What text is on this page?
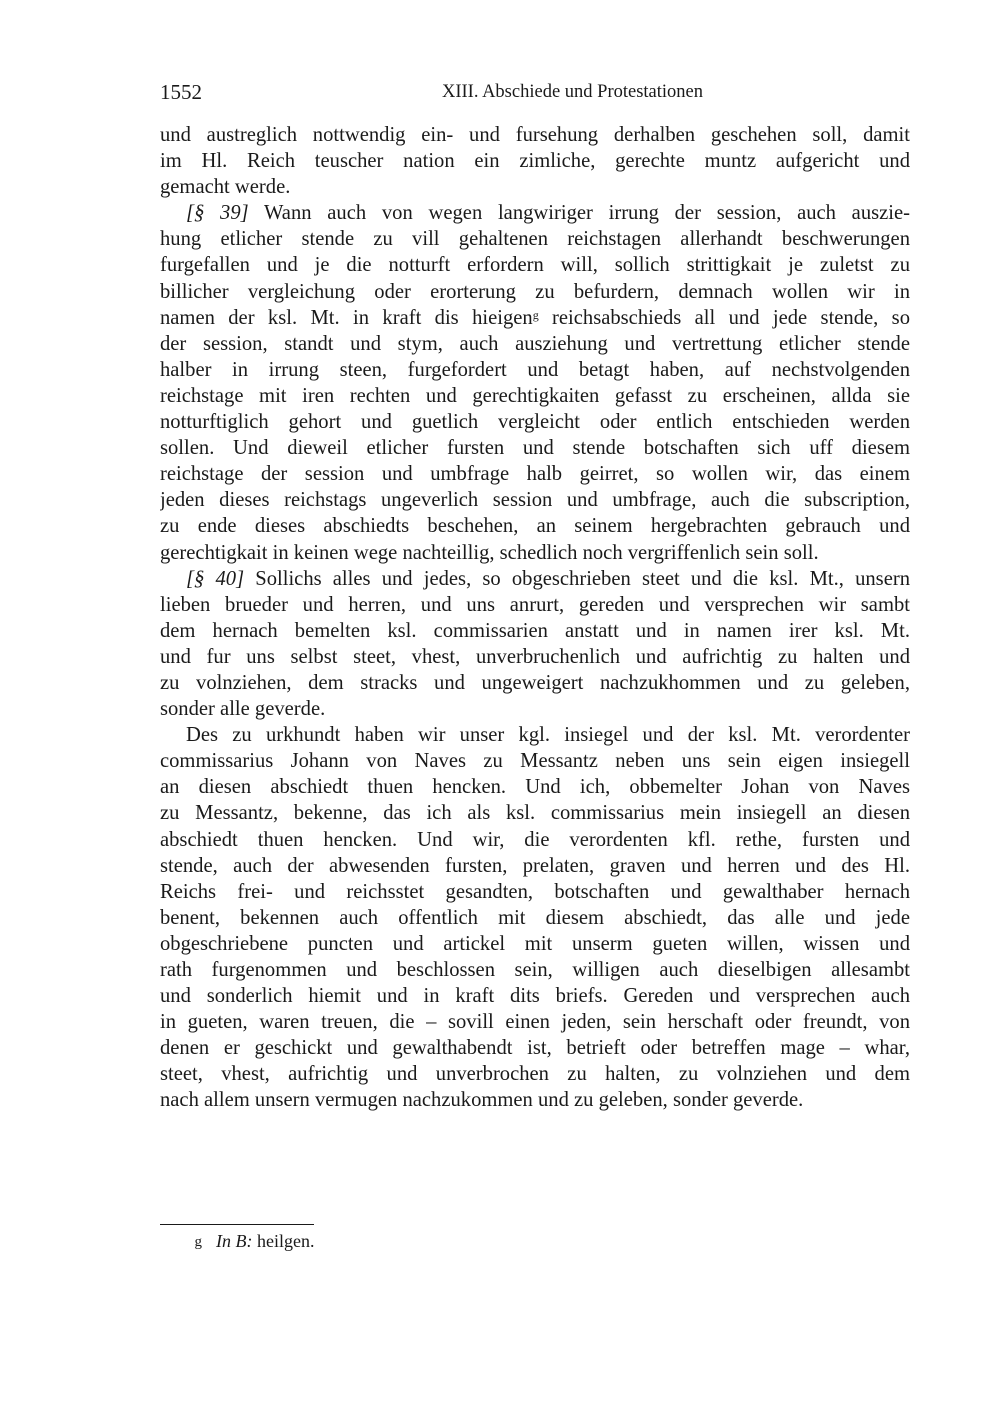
1552	XIII. Abschiede und Protestationen
und austreglich nottwendig ein- und fursehung derhalben geschehen soll, damit
im Hl. Reich teuscher nation ein zimliche, gerechte muntz aufgericht und
gemacht werde.
[§ 39] Wann auch von wegen langwiriger irrung der session, auch auszie-
hung etlicher stende zu vill gehaltenen reichstagen allerhandt beschwerungen
furgefallen und je die notturft erfordern will, sollich strittigkait je zuletst zu
billicher vergleichung oder erorterung zu befurdern, demnach wollen wir in
namen der ksl. Mt. in kraft dis hieigen$^g$ reichsabschieds all und jede stende, so
der session, standt und stym, auch ausziehung und vertrettung etlicher stende
halber in irrung steen, furgefordert und betagt haben, auf nechstvolgenden
reichstage mit iren rechten und gerechtigkaiten gefasst zu erscheinen, allda sie
notturftiglich gehort und guetlich vergleicht oder entlich entschieden werden
sollen. Und dieweil etlicher fursten und stende botschaften sich uff diesem
reichstage der session und umbfrage halb geirret, so wollen wir, das einem
jeden dieses reichstags ungeverlich session und umbfrage, auch die subscription,
zu ende dieses abschiedts beschehen, an seinem hergebrachten gebrauch und
gerechtigkait in keinen wege nachteillig, schedlich noch vergriffenlich sein soll.
[§ 40] Sollichs alles und jedes, so obgeschrieben steet und die ksl. Mt., unsern
lieben brueder und herren, und uns anrurt, gereden und versprechen wir sambt
dem hernach bemelten ksl. commissarien anstatt und in namen irer ksl. Mt.
und fur uns selbst steet, vhest, unverbruchenlich und aufrichtig zu halten und
zu volnziehen, dem stracks und ungeweigert nachzukhommen und zu geleben,
sonder alle geverde.
Des zu urkhundt haben wir unser kgl. insiegel und der ksl. Mt. verordenter
commissarius Johann von Naves zu Messantz neben uns sein eigen insiegell
an diesen abschiedt thuen hencken. Und ich, obbemelter Johan von Naves
zu Messantz, bekenne, das ich als ksl. commissarius mein insiegell an diesen
abschiedt thuen hencken. Und wir, die verordenten kfl. rethe, fursten und
stende, auch der abwesenden fursten, prelaten, graven und herren und des Hl.
Reichs frei- und reichsstet gesandten, botschaften und gewalthaber hernach
benent, bekennen auch offentlich mit diesem abschiedt, das alle und jede
obgeschriebene puncten und artickel mit unserm gueten willen, wissen und
rath furgenommen und beschlossen sein, willigen auch dieselbigen allesambt
und sonderlich hiemit und in kraft dits briefs. Gereden und versprechen auch
in gueten, waren treuen, die – sovill einen jeden, sein herschaft oder freundt, von
denen er geschickt und gewalthabendt ist, betrieft oder betreffen mage – whar,
steet, vhest, aufrichtig und unverbrochen zu halten, zu volnziehen und dem
nach allem unsern vermugen nachzukommen und zu geleben, sonder geverde.
g In B: heilgen.
